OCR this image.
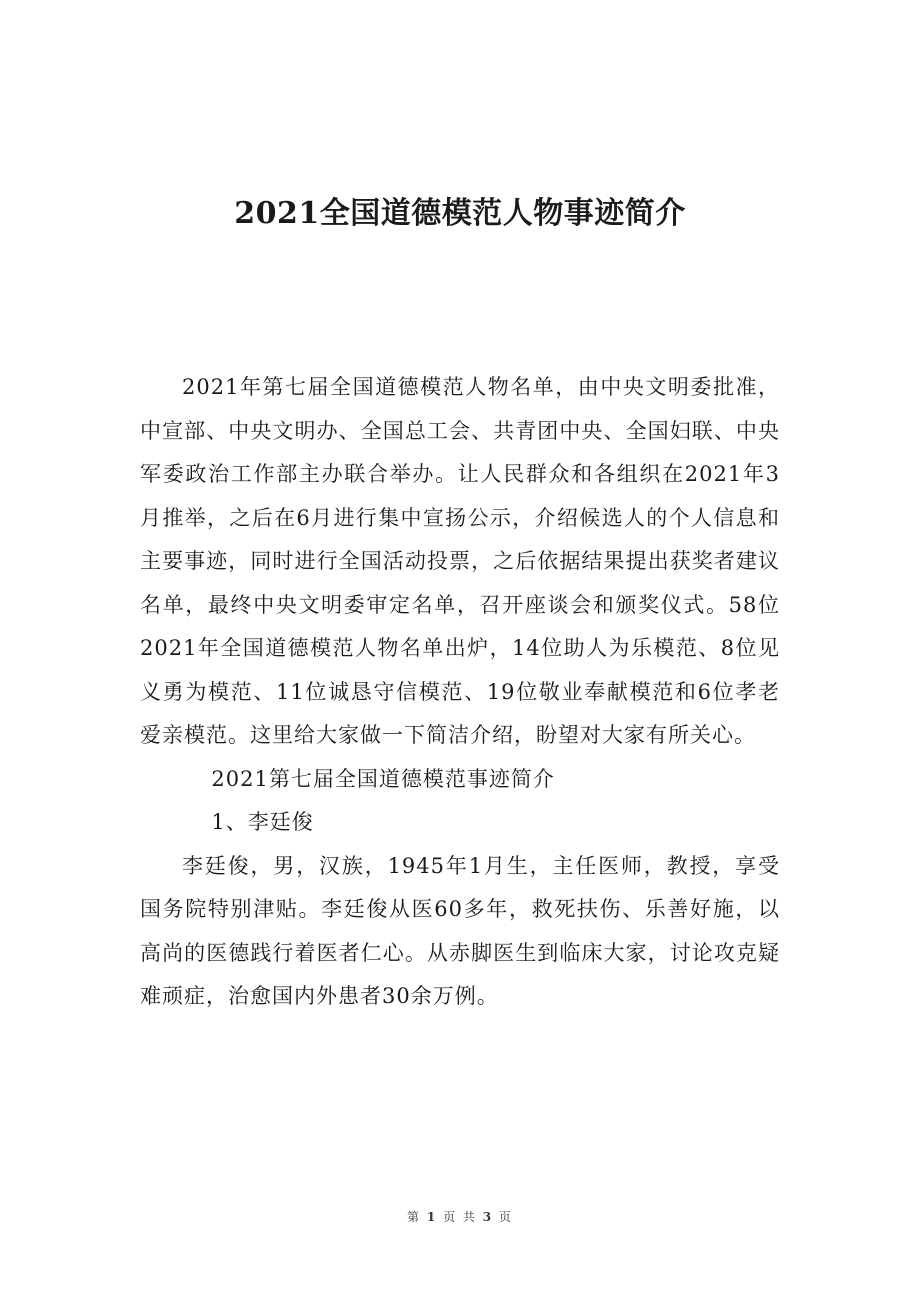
2021全国道德模范人物事迹简介

2021年第七届全国道德模范人物名单，由中央文明委批准，中宣部、中央文明办、全国总工会、共青团中央、全国妇联、中央军委政治工作部主办联合举办。让人民群众和各组织在2021年3月推举，之后在6月进行集中宣扬公示，介绍候选人的个人信息和主要事迹，同时进行全国活动投票，之后依据结果提出获奖者建议名单，最终中央文明委审定名单，召开座谈会和颁奖仪式。58位2021年全国道德模范人物名单出炉，14位助人为乐模范、8位见义勇为模范、11位诚恳守信模范、19位敬业奉献模范和6位孝老爱亲模范。这里给大家做一下简洁介绍，盼望对大家有所关心。

2021第七届全国道德模范事迹简介

1、李廷俊

李廷俊，男，汉族，1945年1月生，主任医师，教授，享受国务院特别津贴。李廷俊从医60多年，救死扶伤、乐善好施，以高尚的医德践行着医者仁心。从赤脚医生到临床大家，讨论攻克疑难顽症，治愈国内外患者30余万例。

第 1 页 共 3 页
